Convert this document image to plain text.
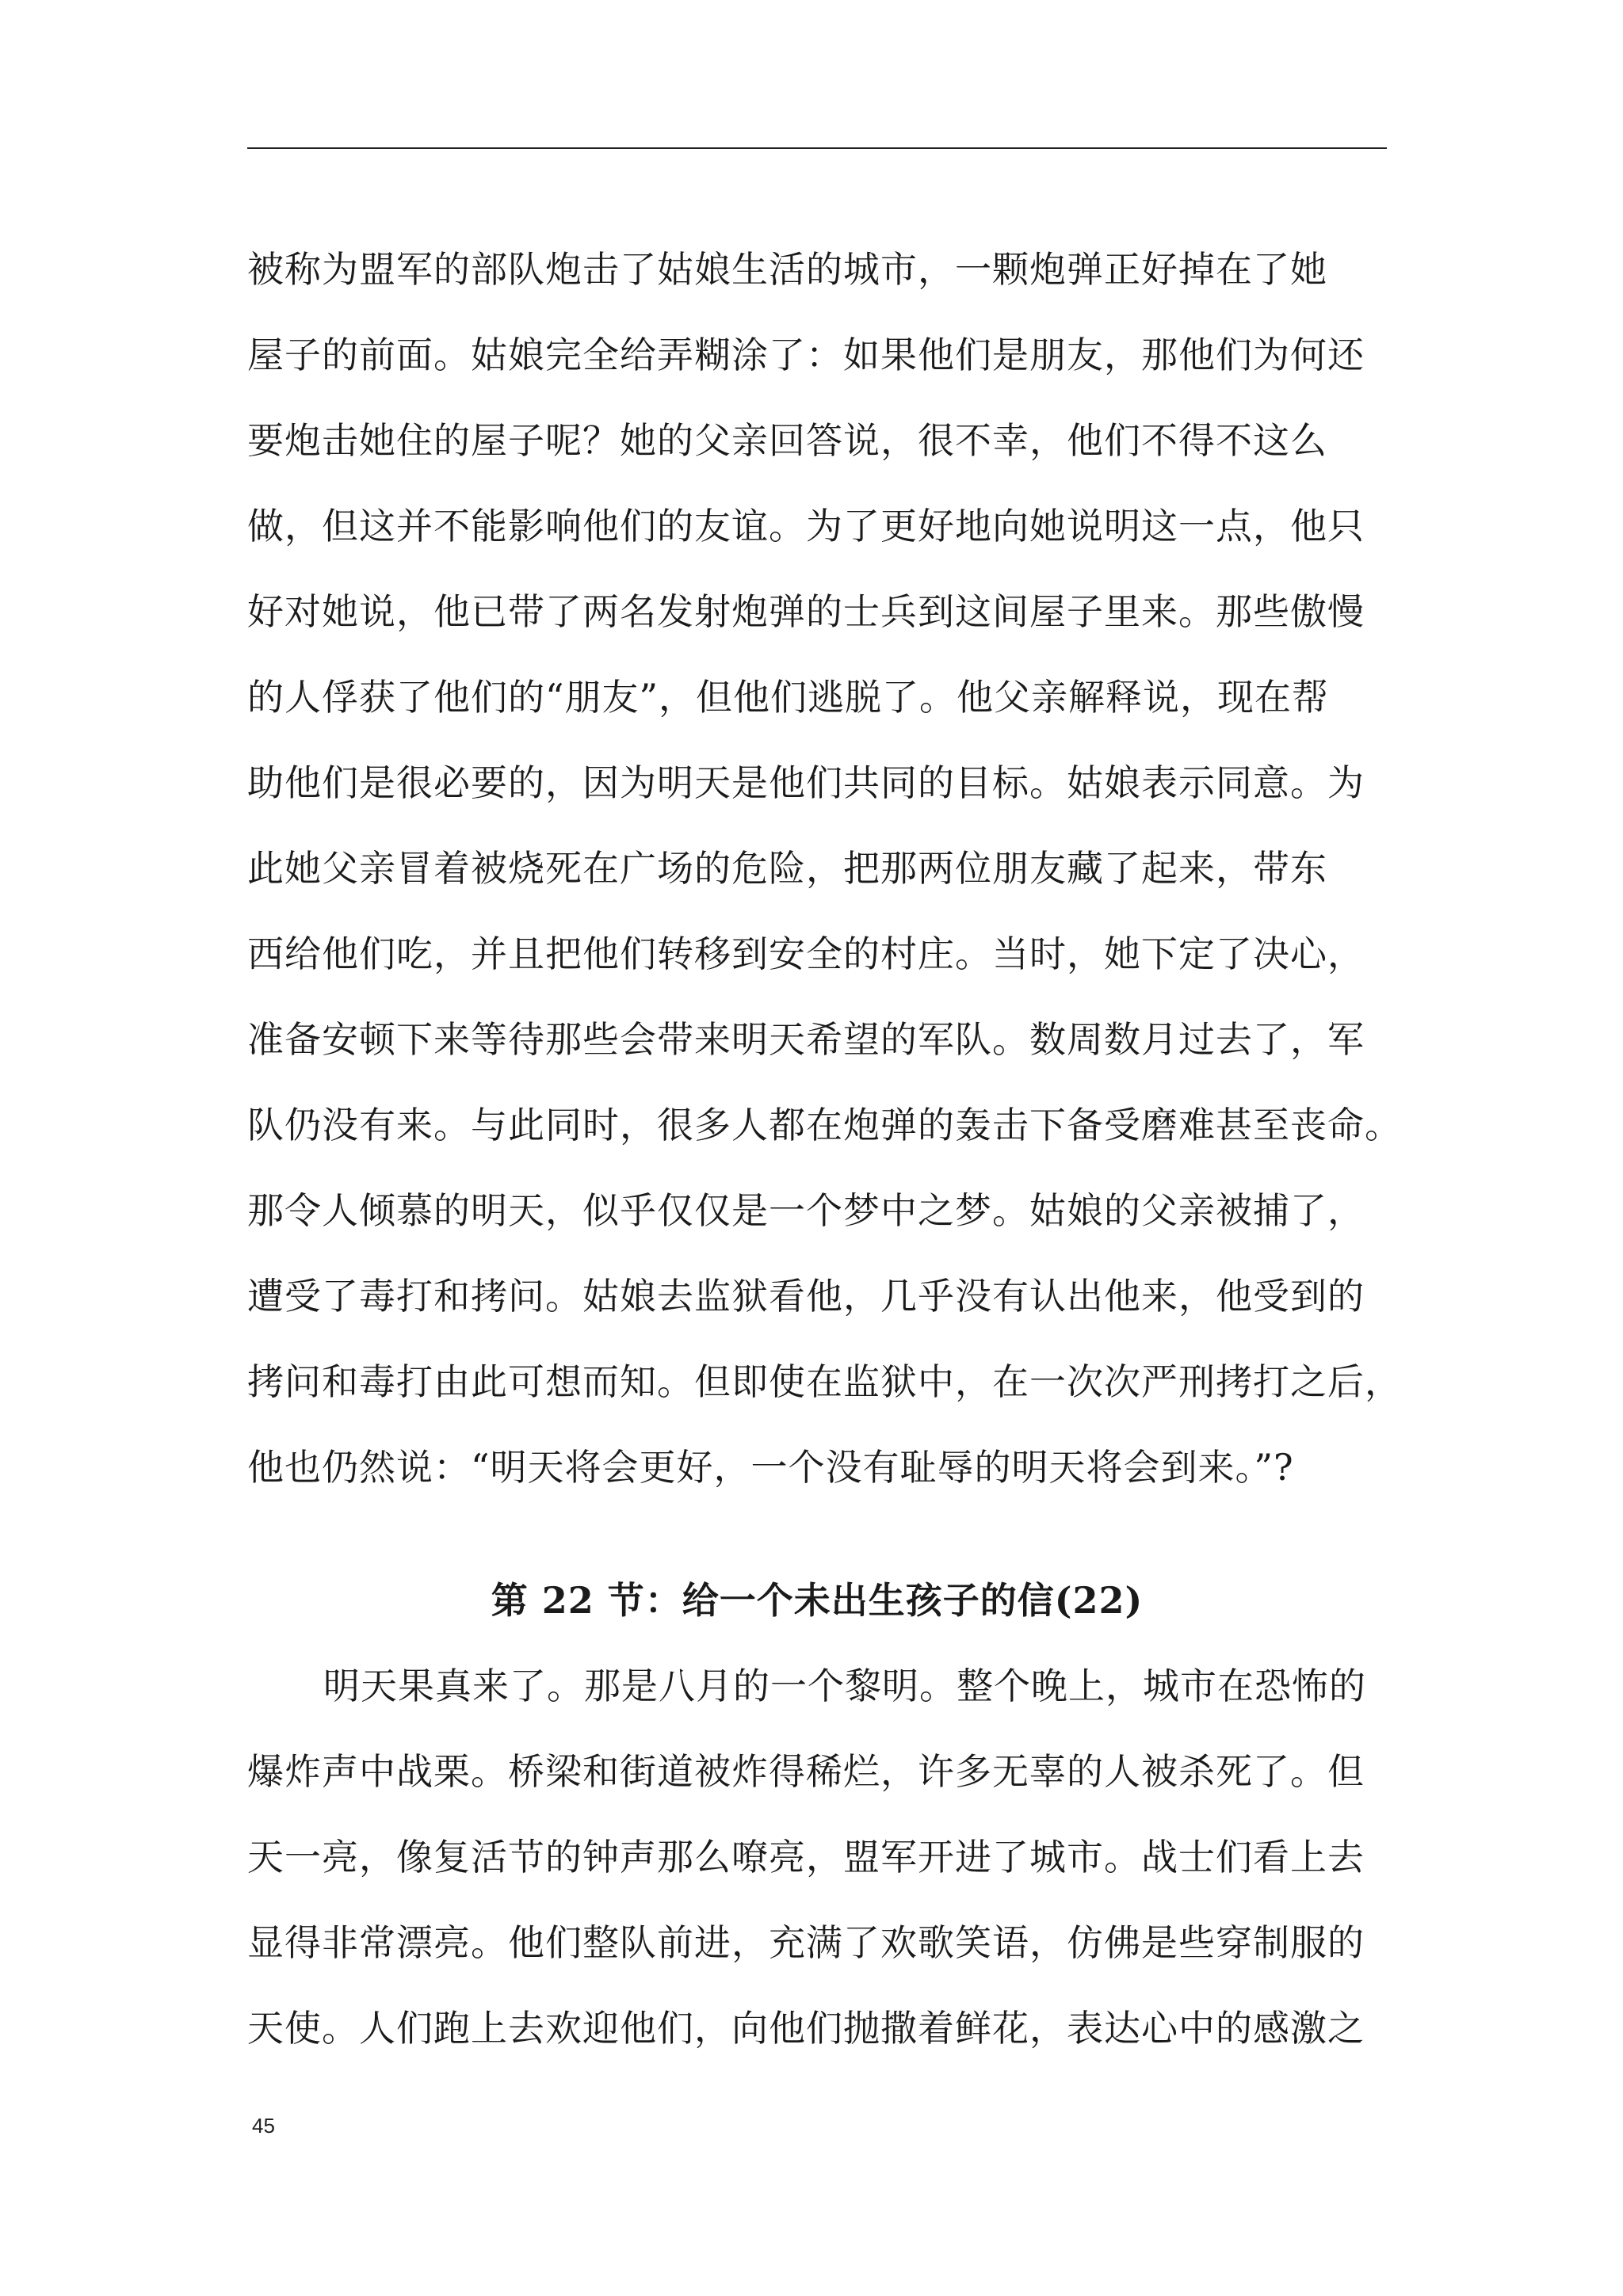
被称为盟军的部队炮击了姑娘生活的城市，一颗炮弹正好掉在了她
屋子的前面。姑娘完全给弄糊涂了：如果他们是朋友，那他们为何还
要炮击她住的屋子呢？她的父亲回答说，很不幸，他们不得不这么
做，但这并不能影响他们的友谊。为了更好地向她说明这一点，他只
好对她说，他已带了两名发射炮弹的士兵到这间屋子里来。那些傲慢
的人俘获了他们的“朋友”，但他们逃脱了。他父亲解释说，现在帮
助他们是很必要的，因为明天是他们共同的目标。姑娘表示同意。为
此她父亲冒着被烧死在广场的危险，把那两位朋友藏了起来，带东
西给他们吃，并且把他们转移到安全的村庄。当时，她下定了决心，
准备安顿下来等待那些会带来明天希望的军队。数周数月过去了，军
队仍没有来。与此同时，很多人都在炮弹的轰击下备受磨难甚至丧命。
那令人倾慕的明天，似乎仅仅是一个梦中之梦。姑娘的父亲被捕了，
遭受了毒打和拷问。姑娘去监狱看他，几乎没有认出他来，他受到的
拷问和毒打由此可想而知。但即使在监狱中，在一次次严刑拷打之后，
他也仍然说：“明天将会更好，一个没有耻辱的明天将会到来。”?
第 22 节：给一个未出生孩子的信(22)
明天果真来了。那是八月的一个黎明。整个晚上，城市在恐怖的
爆炸声中战栗。桥梁和街道被炸得稀烂，许多无辜的人被杀死了。但
天一亮，像复活节的钟声那么嘹亮，盟军开进了城市。战士们看上去
显得非常漂亮。他们整队前进，充满了欢歌笑语，仿佛是些穿制服的
天使。人们跑上去欢迎他们，向他们抛撒着鲜花，表达心中的感激之
45
